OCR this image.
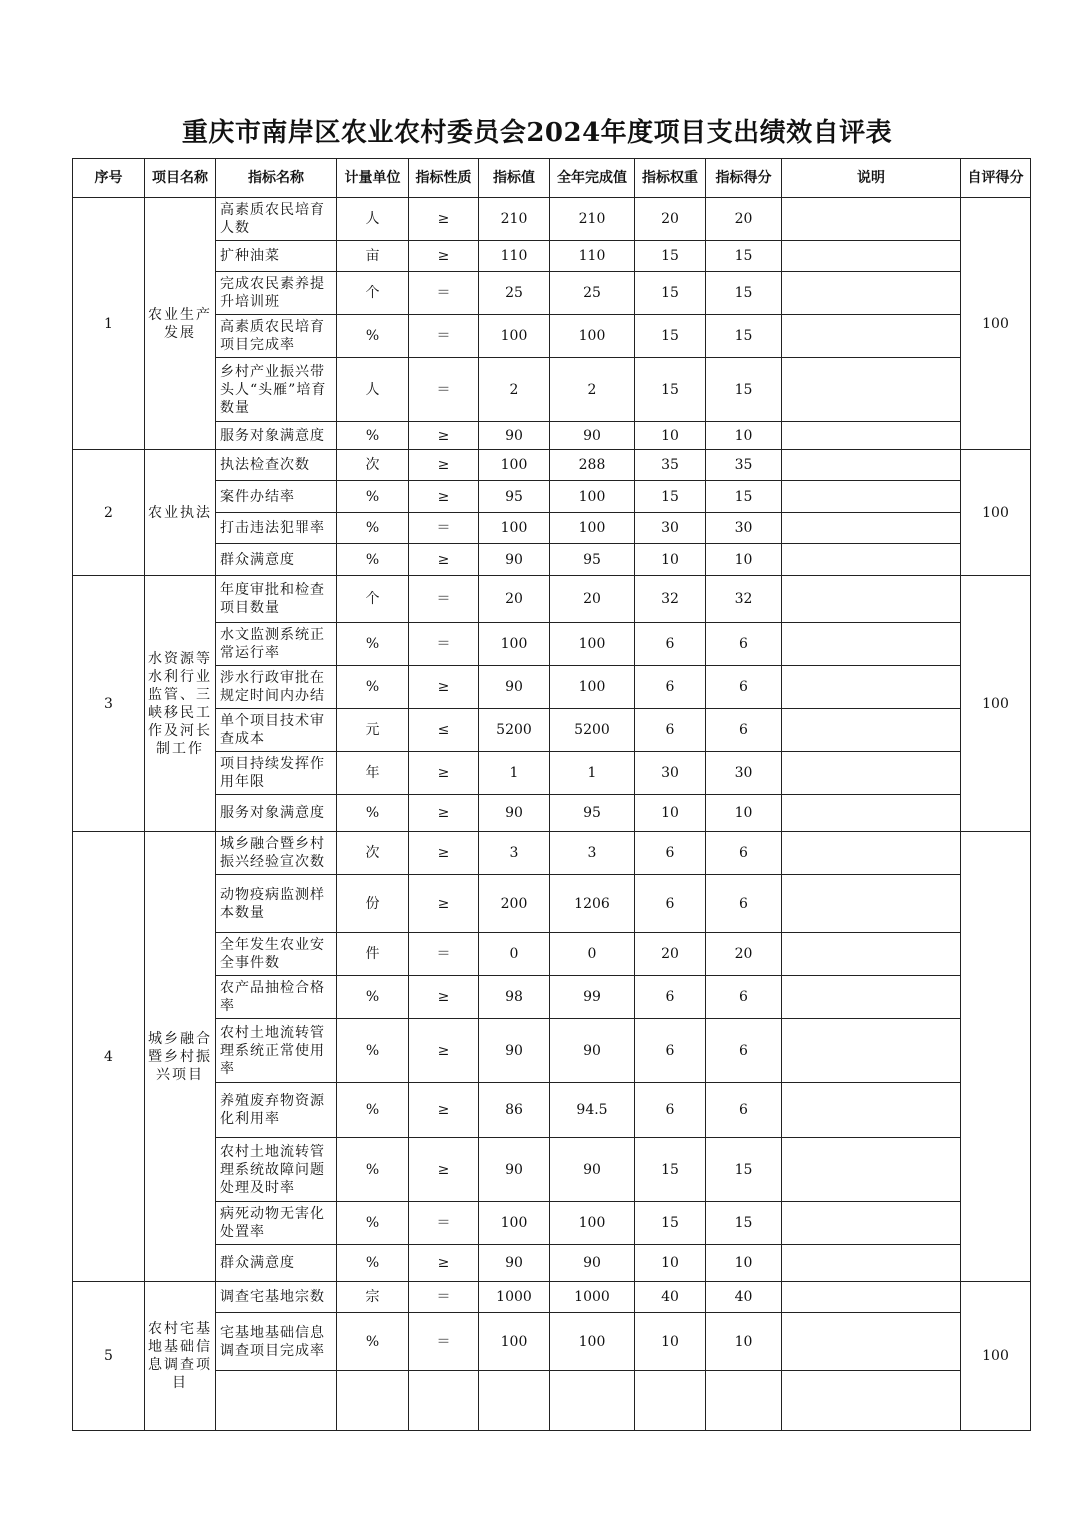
重庆市南岸区农业农村委员会2024年度项目支出绩效自评表
序号	项目名称	指标名称	计量单位	指标性质	指标值	全年完成值	指标权重	指标得分	说明	自评得分
1	农业生产发展	高素质农民培育人数	人	≥	210	210	20	20		100
		扩种油菜	亩	≥	110	110	15	15		
		完成农民素养提升培训班	个	＝	25	25	15	15		
		高素质农民培育项目完成率	%	＝	100	100	15	15		
		乡村产业振兴带头人“头雁”培育数量	人	＝	2	2	15	15		
		服务对象满意度	%	≥	90	90	10	10		
2	农业执法	执法检查次数	次	≥	100	288	35	35		100
		案件办结率	%	≥	95	100	15	15		
		打击违法犯罪率	%	＝	100	100	30	30		
		群众满意度	%	≥	90	95	10	10		
3	水资源等水利行业监管、三峡移民工作及河长制工作	年度审批和检查项目数量	个	＝	20	20	32	32		100
		水文监测系统正常运行率	%	＝	100	100	6	6		
		涉水行政审批在规定时间内办结	%	≥	90	100	6	6		
		单个项目技术审查成本	元	≤	5200	5200	6	6		
		项目持续发挥作用年限	年	≥	1	1	30	30		
		服务对象满意度	%	≥	90	95	10	10		
4	城乡融合暨乡村振兴项目	城乡融合暨乡村振兴经验宣次数	次	≥	3	3	6	6		
		动物疫病监测样本数量	份	≥	200	1206	6	6		
		全年发生农业安全事件数	件	＝	0	0	20	20		
		农产品抽检合格率	%	≥	98	99	6	6		
		农村土地流转管理系统正常使用率	%	≥	90	90	6	6		
		养殖废弃物资源化利用率	%	≥	86	94.5	6	6		
		农村土地流转管理系统故障问题处理及时率	%	≥	90	90	15	15		
		病死动物无害化处置率	%	＝	100	100	15	15		
		群众满意度	%	≥	90	90	10	10		
5	农村宅基地基础信息调查项目	调查宅基地宗数	宗	＝	1000	1000	40	40		100
		宅基地基础信息调查项目完成率	%	＝	100	100	10	10		
